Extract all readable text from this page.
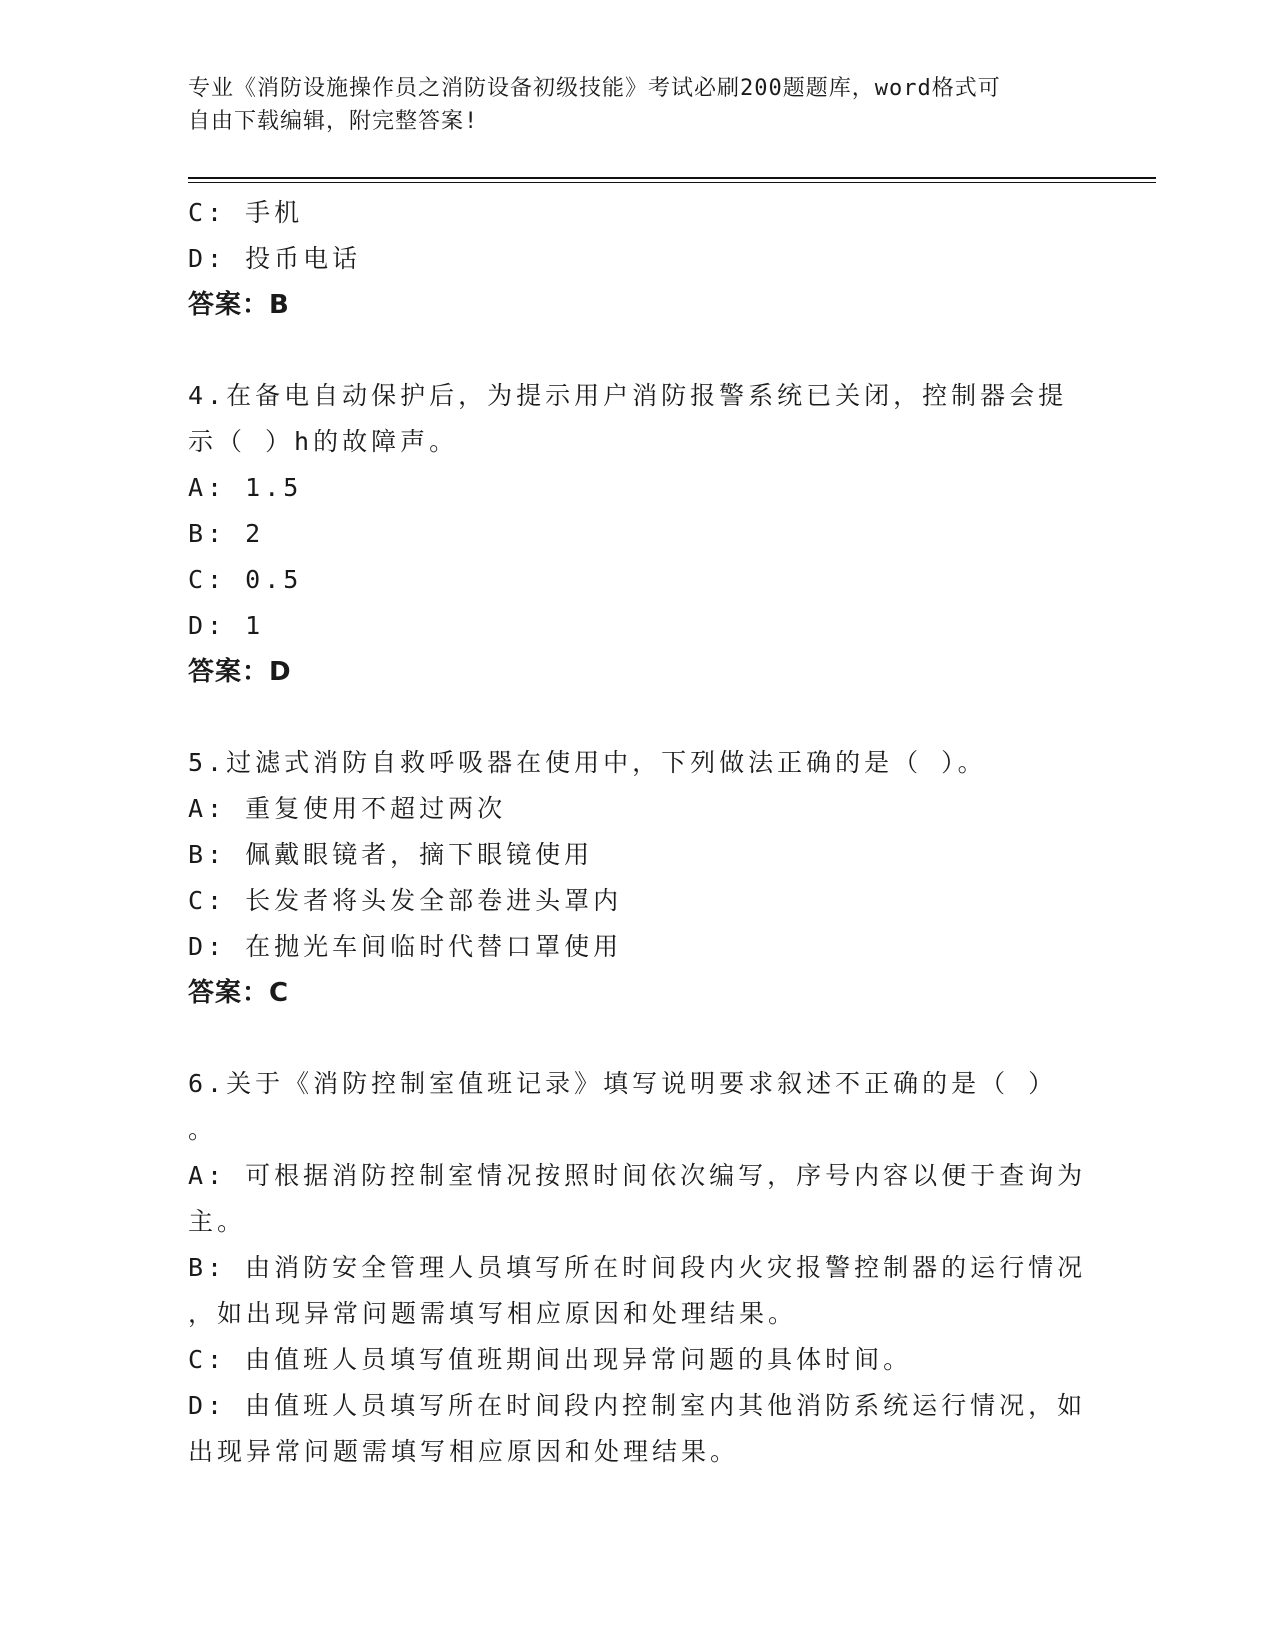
专业《消防设施操作员之消防设备初级技能》考试必刷200题题库，word格式可

自由下载编辑，附完整答案!

C: 手机
D: 投币电话
答案：B
4.在备电自动保护后，为提示用户消防报警系统已关闭，控制器会提
示（ ）h的故障声。
A: 1.5
B: 2
C: 0.5
D: 1
答案：D
5.过滤式消防自救呼吸器在使用中，下列做法正确的是（ ）。
A: 重复使用不超过两次
B: 佩戴眼镜者，摘下眼镜使用
C: 长发者将头发全部卷进头罩内
D: 在抛光车间临时代替口罩使用
答案：C
6.关于《消防控制室值班记录》填写说明要求叙述不正确的是（ ）
。
A: 可根据消防控制室情况按照时间依次编写，序号内容以便于查询为
主。
B: 由消防安全管理人员填写所在时间段内火灾报警控制器的运行情况
，如出现异常问题需填写相应原因和处理结果。
C: 由值班人员填写值班期间出现异常问题的具体时间。
D: 由值班人员填写所在时间段内控制室内其他消防系统运行情况，如
出现异常问题需填写相应原因和处理结果。
